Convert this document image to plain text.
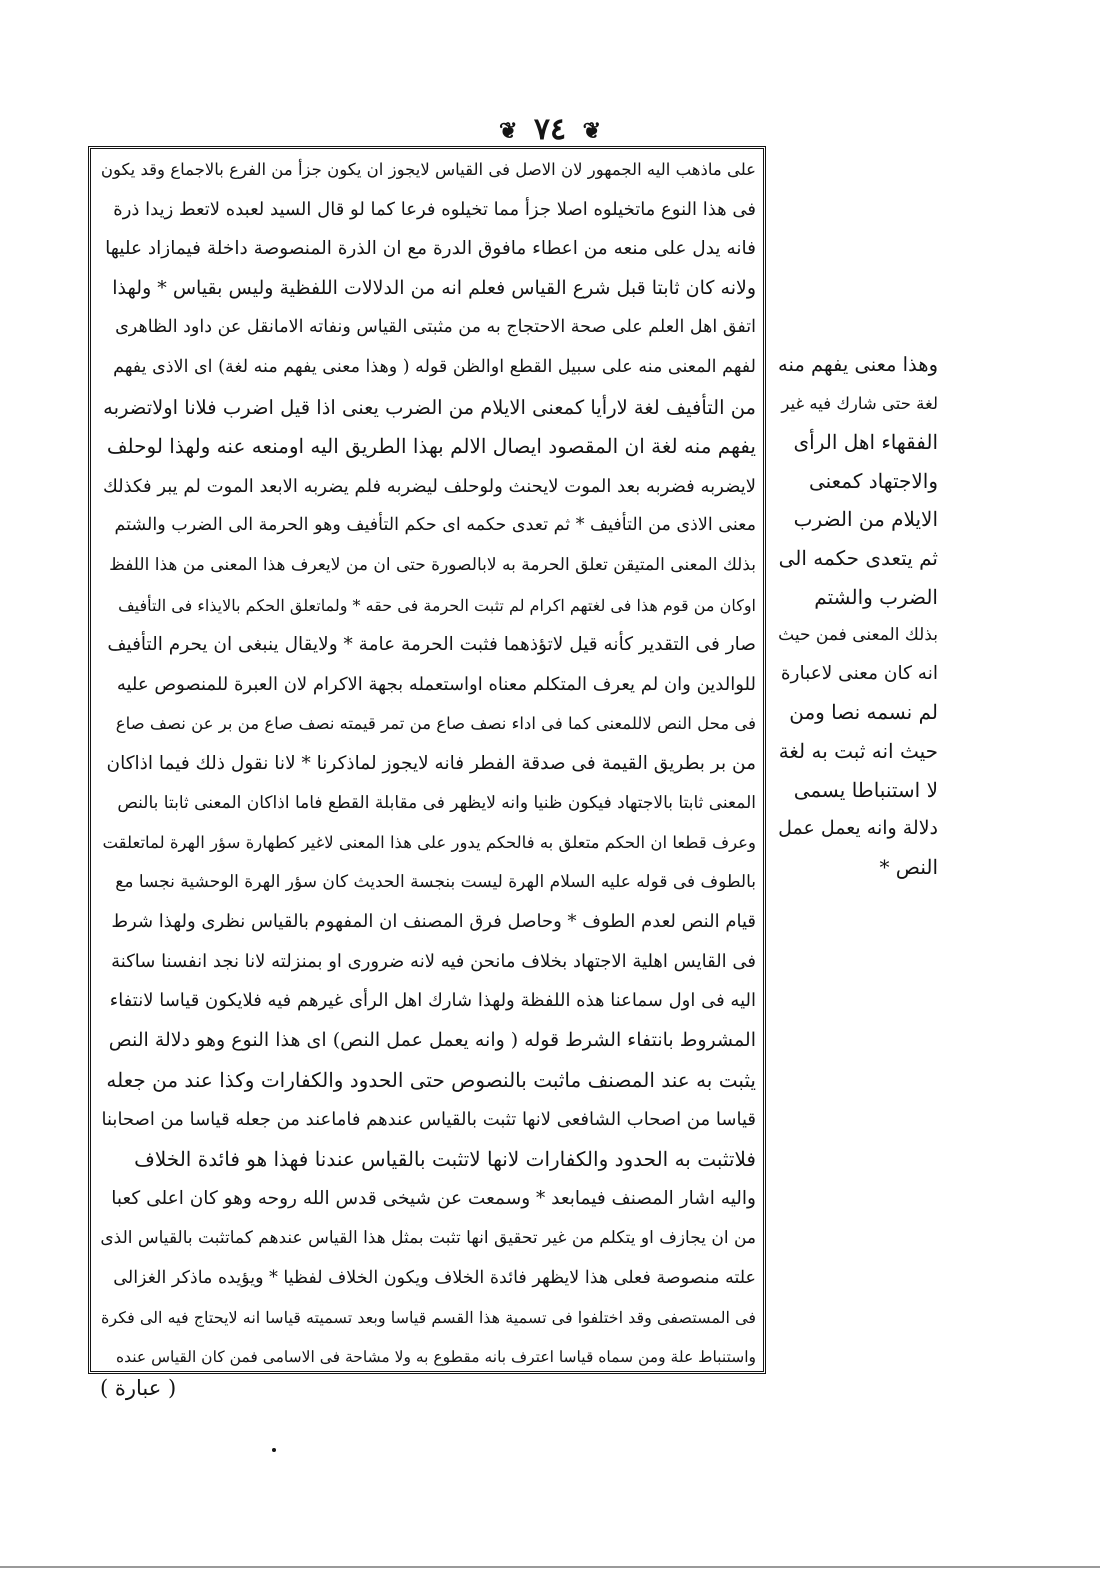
❦ ٧٤ ❦
على ماذهب اليه الجمهور لان الاصل فى القياس لايجوز ان يكون جزأ من الفرع بالاجماع وقد يكون
فى هذا النوع ماتخيلوه اصلا جزأ مما تخيلوه فرعا كما لو قال السيد لعبده لاتعط زيدا ذرة
فانه يدل على منعه من اعطاء مافوق الدرة مع ان الذرة المنصوصة داخلة فيمازاد عليها
ولانه كان ثابتا قبل شرع القياس فعلم انه من الدلالات اللفظية وليس بقياس * ولهذا
اتفق اهل العلم على صحة الاحتجاج به من مثبتى القياس ونفاته الامانقل عن داود الظاهرى
لفهم المعنى منه على سبيل القطع اوالظن قوله ( وهذا معنى يفهم منه لغة) اى الاذى يفهم
من التأفيف لغة لارأيا كمعنى الايلام من الضرب يعنى اذا قيل اضرب فلانا اولاتضربه
يفهم منه لغة ان المقصود ايصال الالم بهذا الطريق اليه اومنعه عنه ولهذا لوحلف
لايضربه فضربه بعد الموت لايحنث ولوحلف ليضربه فلم يضربه الابعد الموت لم يبر فكذلك
معنى الاذى من التأفيف * ثم تعدى حكمه اى حكم التأفيف وهو الحرمة الى الضرب والشتم
بذلك المعنى المتيقن تعلق الحرمة به لابالصورة حتى ان من لايعرف هذا المعنى من هذا اللفظ
اوكان من قوم هذا فى لغتهم اكرام لم تثبت الحرمة فى حقه * ولماتعلق الحكم بالايذاء فى التأفيف
صار فى التقدير كأنه قيل لاتؤذهما فثبت الحرمة عامة * ولايقال ينبغى ان يحرم التأفيف
للوالدين وان لم يعرف المتكلم معناه اواستعمله بجهة الاكرام لان العبرة للمنصوص عليه
فى محل النص لاللمعنى كما فى اداء نصف صاع من تمر قيمته نصف صاع من بر عن نصف صاع
من بر بطريق القيمة فى صدقة الفطر فانه لايجوز لماذكرنا * لانا نقول ذلك فيما اذاكان
المعنى ثابتا بالاجتهاد فيكون ظنيا وانه لايظهر فى مقابلة القطع فاما اذاكان المعنى ثابتا بالنص
وعرف قطعا ان الحكم متعلق به فالحكم يدور على هذا المعنى لاغير كطهارة سؤر الهرة لماتعلقت
بالطوف فى قوله عليه السلام الهرة ليست بنجسة الحديث كان سؤر الهرة الوحشية نجسا مع
قيام النص لعدم الطوف * وحاصل فرق المصنف ان المفهوم بالقياس نظرى ولهذا شرط
فى القايس اهلية الاجتهاد بخلاف مانحن فيه لانه ضرورى او بمنزلته لانا نجد انفسنا ساكنة
اليه فى اول سماعنا هذه اللفظة ولهذا شارك اهل الرأى غيرهم فيه فلايكون قياسا لانتفاء
المشروط بانتفاء الشرط قوله ( وانه يعمل عمل النص) اى هذا النوع وهو دلالة النص
يثبت به عند المصنف ماثبت بالنصوص حتى الحدود والكفارات وكذا عند من جعله
قياسا من اصحاب الشافعى لانها تثبت بالقياس عندهم فاماعند من جعله قياسا من اصحابنا
فلاتثبت به الحدود والكفارات لانها لاتثبت بالقياس عندنا فهذا هو فائدة الخلاف
واليه اشار المصنف فيمابعد * وسمعت عن شيخى قدس الله روحه وهو كان اعلى كعبا
من ان يجازف او يتكلم من غير تحقيق انها تثبت بمثل هذا القياس عندهم كماتثبت بالقياس الذى
علته منصوصة فعلى هذا لايظهر فائدة الخلاف ويكون الخلاف لفظيا * ويؤيده ماذكر الغزالى
فى المستصفى وقد اختلفوا فى تسمية هذا القسم قياسا وبعد تسميته قياسا انه لايحتاج فيه الى فكرة
واستنباط علة ومن سماه قياسا اعترف بانه مقطوع به ولا مشاحة فى الاسامى فمن كان القياس عنده
وهذا معنى يفهم منه
لغة حتى شارك فيه غير
الفقهاء اهل الرأى
والاجتهاد كمعنى
الايلام من الضرب
ثم يتعدى حكمه الى
الضرب والشتم
بذلك المعنى فمن حيث
انه كان معنى لاعبارة
لم نسمه نصا ومن
حيث انه ثبت به لغة
لا استنباطا يسمى
دلالة وانه يعمل عمل
النص *
( عبارة )
